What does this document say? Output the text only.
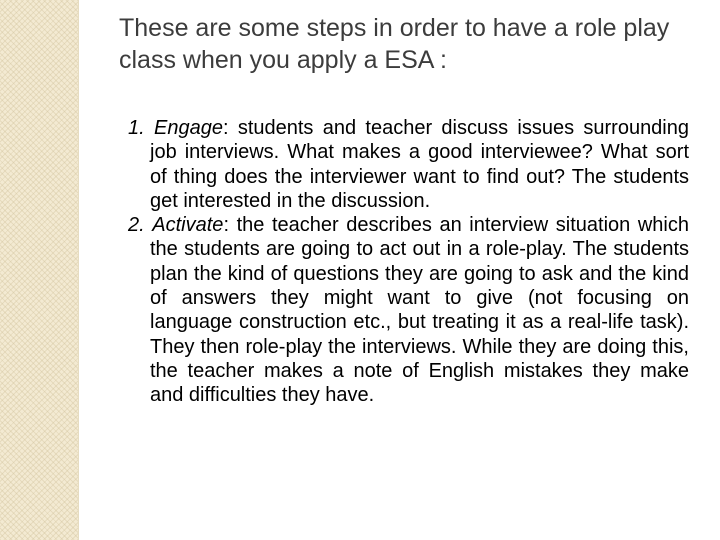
These are some steps in order to have a role play class when you apply a ESA :
1. Engage: students and teacher discuss issues surrounding job interviews. What makes a good interviewee? What sort of thing does the interviewer want to find out? The students get interested in the discussion.
2. Activate: the teacher describes an interview situation which the students are going to act out in a role-play. The students plan the kind of questions they are going to ask and the kind of answers they might want to give (not focusing on language construction etc., but treating it as a real-life task). They then role-play the interviews. While they are doing this, the teacher makes a note of English mistakes they make and difficulties they have.
